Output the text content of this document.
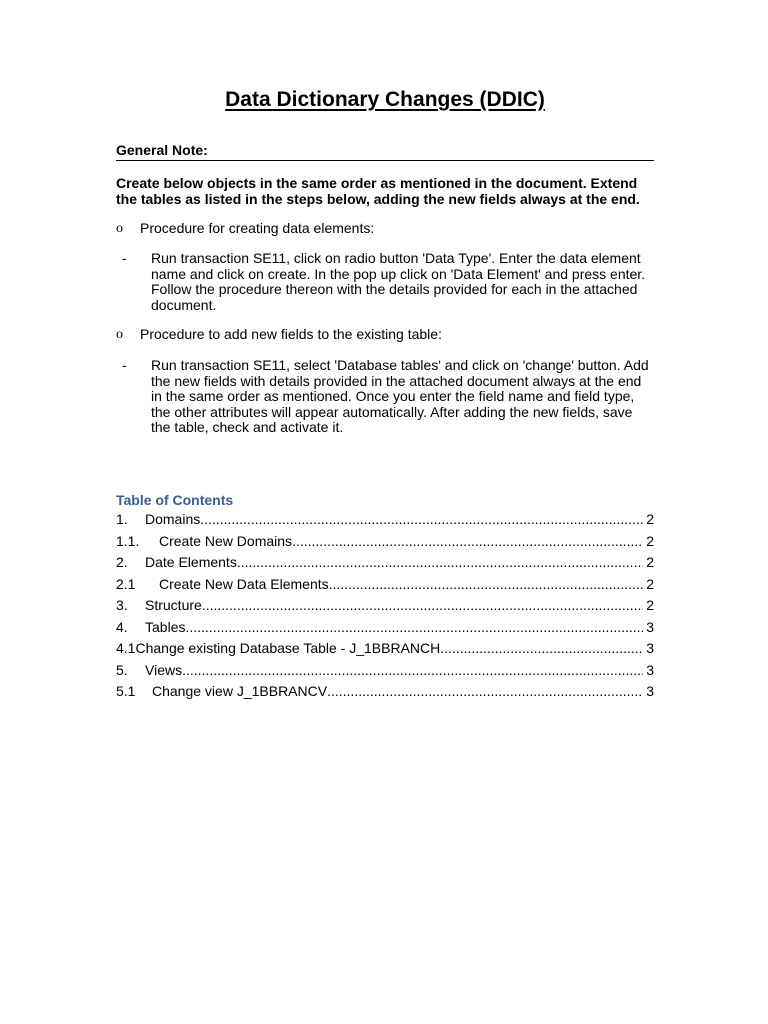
Data Dictionary Changes (DDIC)
General Note:

Create below objects in the same order as mentioned in the document. Extend the tables as listed in the steps below, adding the new fields always at the end.

o Procedure for creating data elements:
- Run transaction SE11, click on radio button 'Data Type'. Enter the data element name and click on create. In the pop up click on 'Data Element' and press enter. Follow the procedure thereon with the details provided for each in the attached document.

o Procedure to add new fields to the existing table:
- Run transaction SE11, select 'Database tables' and click on 'change' button. Add the new fields with details provided in the attached document always at the end in the same order as mentioned. Once you enter the field name and field type, the other attributes will appear automatically. After adding the new fields, save the table, check and activate it.

Table of Contents
1.	Domains .....	2
1.1.	Create New Domains .....	2
2.	Date Elements .....	2
2.1	Create New Data Elements .....	2
3.	Structure .....	2
4.	Tables .....	3
4.1 Change existing Database Table - J_1BBRANCH .....	3
5.	Views .....	3
5.1	Change view J_1BBRANCV .....	3
